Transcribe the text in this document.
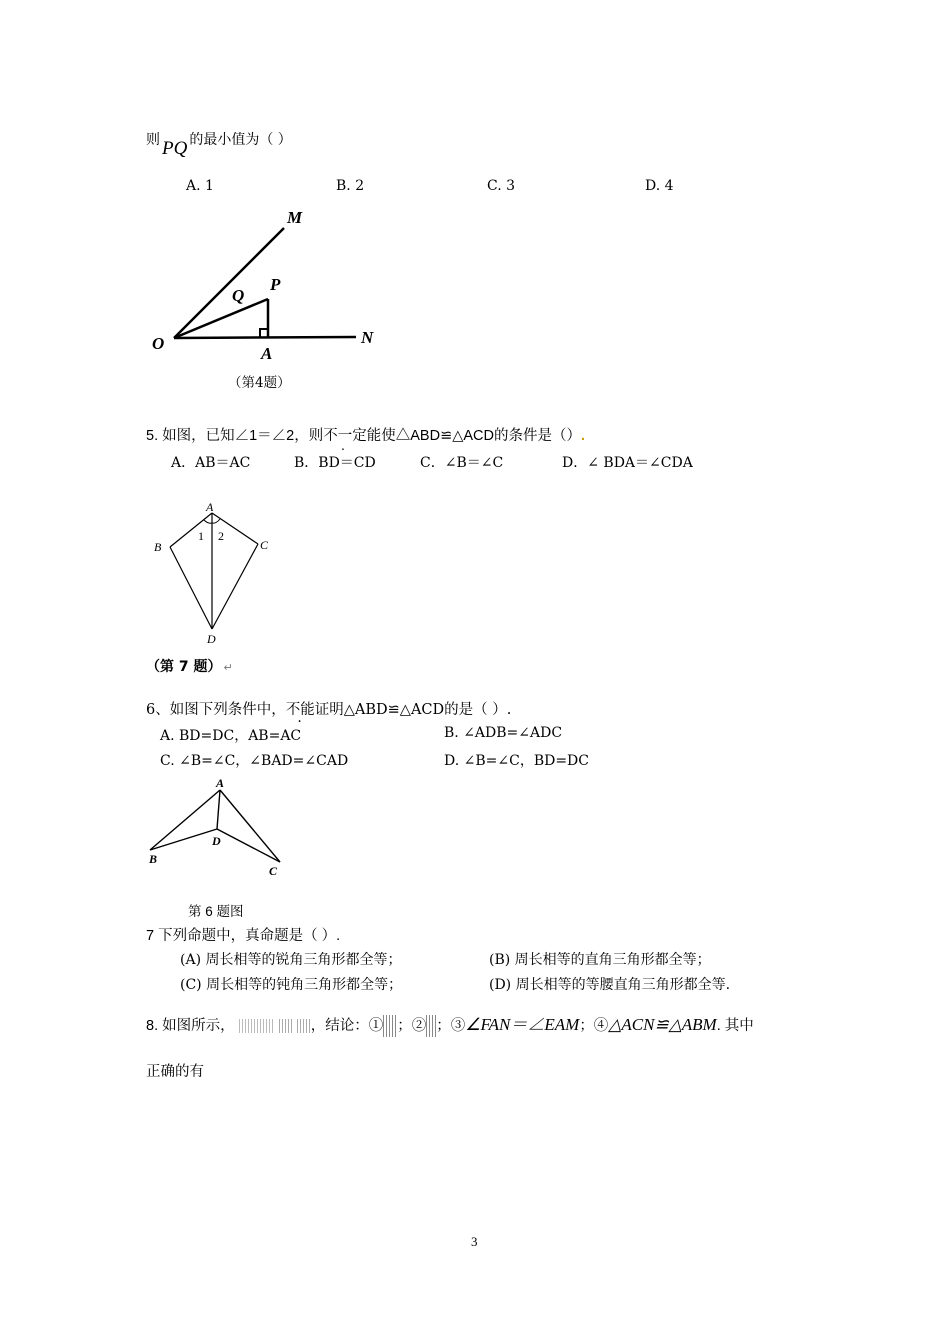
则 PQ 的最小值为（ ）
A. 1	B. 2	C. 3	D. 4
M
P
Q
O
A
N
（第4题）
5. 如图，已知∠1＝∠2，则不一定能使△ABD≌△ACD的条件是（）.
A．AB＝AC	B．BD＝CD	C．∠B＝∠C	D．∠ BDA＝∠CDA
A
B	C
D
1 2
（第 7 题） ↵
6、如图下列条件中，不能证明△ABD≌△ACD的是（ ）.
A. BD=DC，AB=AC	B. ∠ADB=∠ADC
C. ∠B=∠C，∠BAD=∠CAD	D. ∠B=∠C，BD=DC
A
B
C
D
第 6 题图
7 下列命题中，真命题是（ ）.
(A) 周长相等的锐角三角形都全等；	(B) 周长相等的直角三角形都全等；
(C) 周长相等的钝角三角形都全等；	(D) 周长相等的等腰直角三角形都全等.
8. 如图所示，	，结论：① ；② ；③∠FAN＝∠EAM；④△ACN≌△ABM. 其中
正确的有
3
